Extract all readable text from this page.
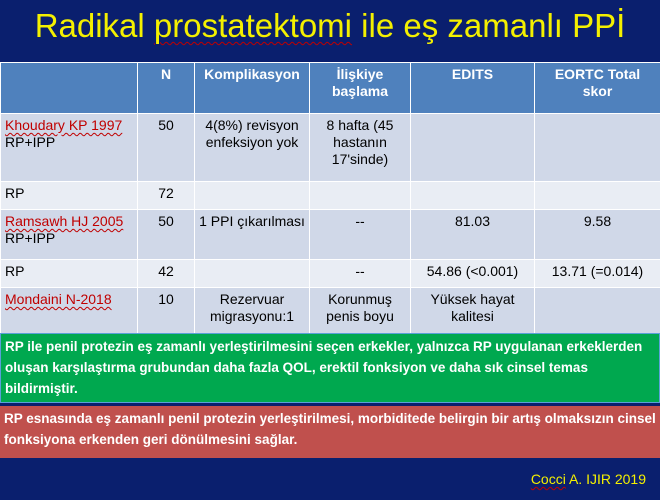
Radikal prostatektomi ile eş zamanlı PPİ
	N	Komplikasyon	İlişkiye başlama	EDITS	EORTC Total skor

Khoudary KP 1997
RP+IPP	50	4(8%) revisyon enfeksiyon yok	8 hafta (45 hastanın 17'sinde)		

RP	72				

Ramsawh HJ 2005
RP+IPP	50	1 PPI çıkarılması	--	81.03	9.58

RP	42		--	54.86 (<0.001)	13.71 (=0.014)

Mondaini N-2018	10	Rezervuar migrasyonu:1	Korunmuş penis boyu	Yüksek hayat kalitesi	
RP ile penil protezin eş zamanlı yerleştirilmesini seçen erkekler, yalnızca RP uygulanan erkeklerden oluşan karşılaştırma grubundan daha fazla QOL, erektil fonksiyon ve daha sık cinsel temas bildirmiştir.
RP esnasında eş zamanlı penil protezin yerleştirilmesi, morbiditede belirgin bir artış olmaksızın cinsel fonksiyona erkenden geri dönülmesini sağlar.
Cocci A. IJIR 2019
